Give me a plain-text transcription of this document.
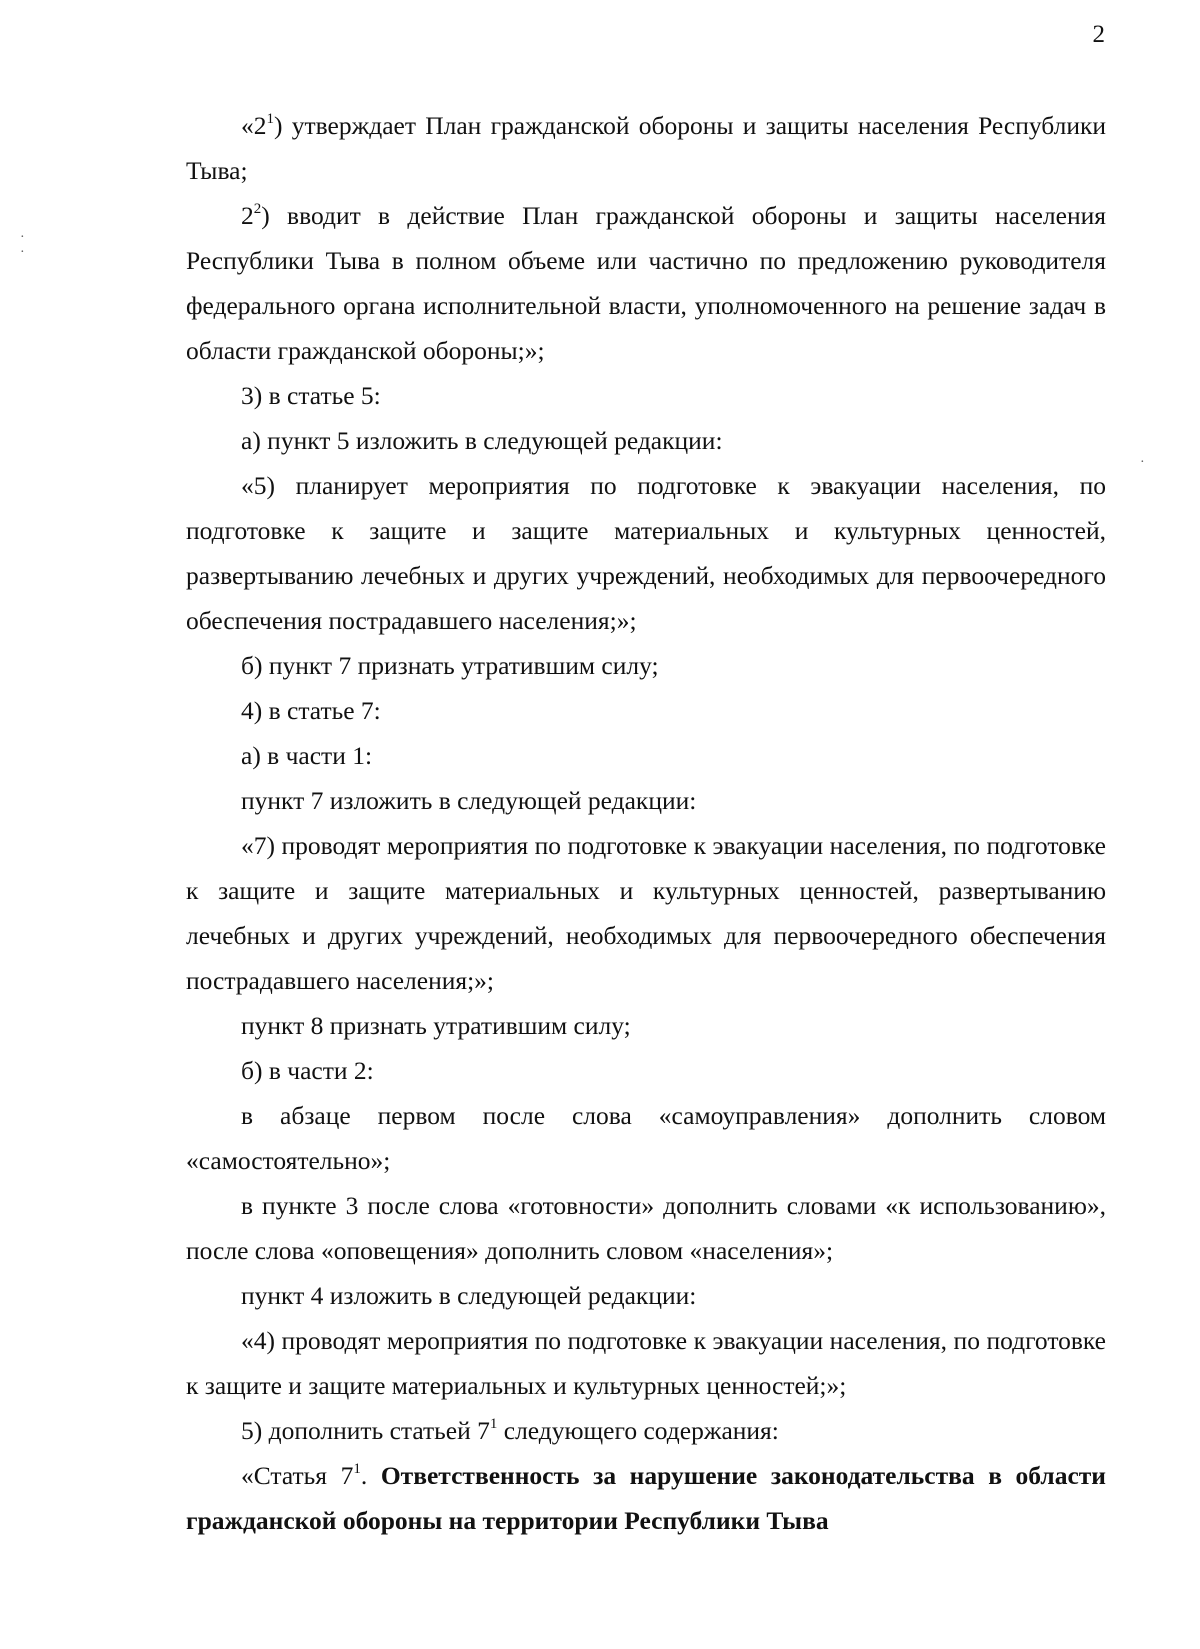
2
·
·
·

«$2^1$) утверждает План гражданской обороны и защиты населения Республики Тыва;

$2^2$) вводит в действие План гражданской обороны и защиты населения Республики Тыва в полном объеме или частично по предложению руководителя федерального органа исполнительной власти, уполномоченного на решение задач в области гражданской обороны;»;

3) в статье 5:

а) пункт 5 изложить в следующей редакции:

«5) планирует мероприятия по подготовке к эвакуации населения, по подготовке к защите и защите материальных и культурных ценностей, развертыванию лечебных и других учреждений, необходимых для первоочередного обеспечения пострадавшего населения;»;

б) пункт 7 признать утратившим силу;

4) в статье 7:

а) в части 1:

пункт 7 изложить в следующей редакции:

«7) проводят мероприятия по подготовке к эвакуации населения, по подготовке к защите и защите материальных и культурных ценностей, развертыванию лечебных и других учреждений, необходимых для первоочередного обеспечения пострадавшего населения;»;

пункт 8 признать утратившим силу;

б) в части 2:

в абзаце первом после слова «самоуправления» дополнить словом «самостоятельно»;

в пункте 3 после слова «готовности» дополнить словами «к использованию», после слова «оповещения» дополнить словом «населения»;

пункт 4 изложить в следующей редакции:

«4) проводят мероприятия по подготовке к эвакуации населения, по подготовке к защите и защите материальных и культурных ценностей;»;

5) дополнить статьей $7^1$ следующего содержания:

«Статья $7^1$. Ответственность за нарушение законодательства в области гражданской обороны на территории Республики Тыва
